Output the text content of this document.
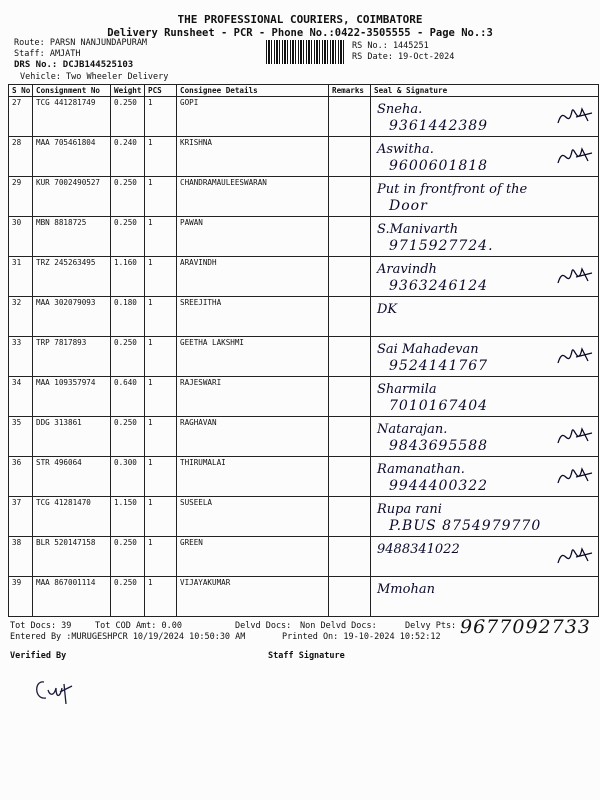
THE PROFESSIONAL COURIERS, COIMBATORE
Delivery Runsheet - PCR - Phone No.:0422-3505555 - Page No.:3
Route: PARSN NANJUNDAPURAM
Staff: AMJATH
DRS No.: DCJB144525103
Vehicle: Two Wheeler Delivery
RS No.: 1445251
RS Date: 19-Oct-2024
S No	Consignment No	Weight	PCS	Consignee Details	Remarks	Seal & Signature
27	TCG 441281749	0.250	1	GOPI		Sneha.
9361442389

28	MAA 705461804	0.240	1	KRISHNA		Aswitha.
9600601818

29	KUR 7002490527	0.250	1	CHANDRAMAULEESWARAN		Put in frontfront of the
Door

30	MBN 8818725	0.250	1	PAWAN		S.Manivarth
9715927724.

31	TRZ 245263495	1.160	1	ARAVINDH		Aravindh
9363246124

32	MAA 302079093	0.180	1	SREEJITHA		DK

33	TRP 7817893	0.250	1	GEETHA LAKSHMI		Sai Mahadevan
9524141767

34	MAA 109357974	0.640	1	RAJESWARI		Sharmila
7010167404

35	DDG 313861	0.250	1	RAGHAVAN		Natarajan.
9843695588

36	STR 496064	0.300	1	THIRUMALAI		Ramanathan.
9944400322

37	TCG 41281470	1.150	1	SUSEELA		Rupa rani
P.BUS 8754979770

38	BLR 520147158	0.250	1	GREEN		9488341022

39	MAA 867001114	0.250	1	VIJAYAKUMAR		Mmohan
Tot Docs: 39	Tot COD Amt: 0.00	Delvd Docs: Non Delvd Docs:	Delvy Pts: 9677092733
Entered By :MURUGESHPCR 10/19/2024 10:50:30 AM	Printed On: 19-10-2024 10:52:12
Verified By	Staff Signature
